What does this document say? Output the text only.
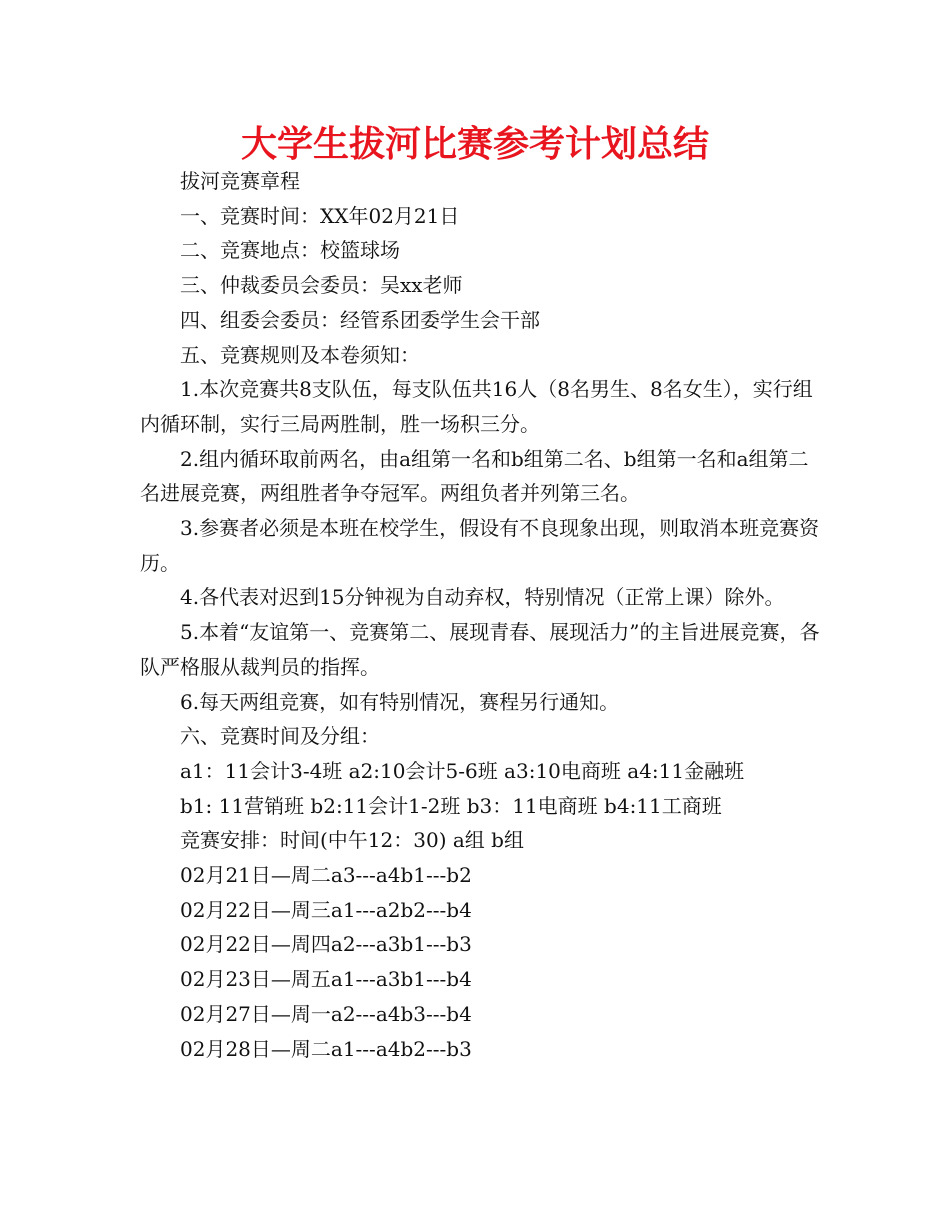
大学生拔河比赛参考计划总结

拔河竞赛章程

一、竞赛时间：XX年02月21日

二、竞赛地点：校篮球场

三、仲裁委员会委员：吴xx老师

四、组委会委员：经管系团委学生会干部

五、竞赛规则及本卷须知：

1.本次竞赛共8支队伍，每支队伍共16人（8名男生、8名女生），实行组内循环制，实行三局两胜制，胜一场积三分。

2.组内循环取前两名，由a组第一名和b组第二名、b组第一名和a组第二名进展竞赛，两组胜者争夺冠军。两组负者并列第三名。

3.参赛者必须是本班在校学生，假设有不良现象出现，则取消本班竞赛资历。

4.各代表对迟到15分钟视为自动弃权，特别情况（正常上课）除外。

5.本着“友谊第一、竞赛第二、展现青春、展现活力”的主旨进展竞赛，各队严格服从裁判员的指挥。

6.每天两组竞赛，如有特别情况，赛程另行通知。

六、竞赛时间及分组：

a1：11会计3-4班 a2:10会计5-6班 a3:10电商班 a4:11金融班

b1: 11营销班 b2:11会计1-2班 b3：11电商班 b4:11工商班

竞赛安排：时间(中午12：30) a组 b组

02月21日—周二a3---a4b1---b2

02月22日—周三a1---a2b2---b4

02月22日—周四a2---a3b1---b3

02月23日—周五a1---a3b1---b4

02月27日—周一a2---a4b3---b4

02月28日—周二a1---a4b2---b3
